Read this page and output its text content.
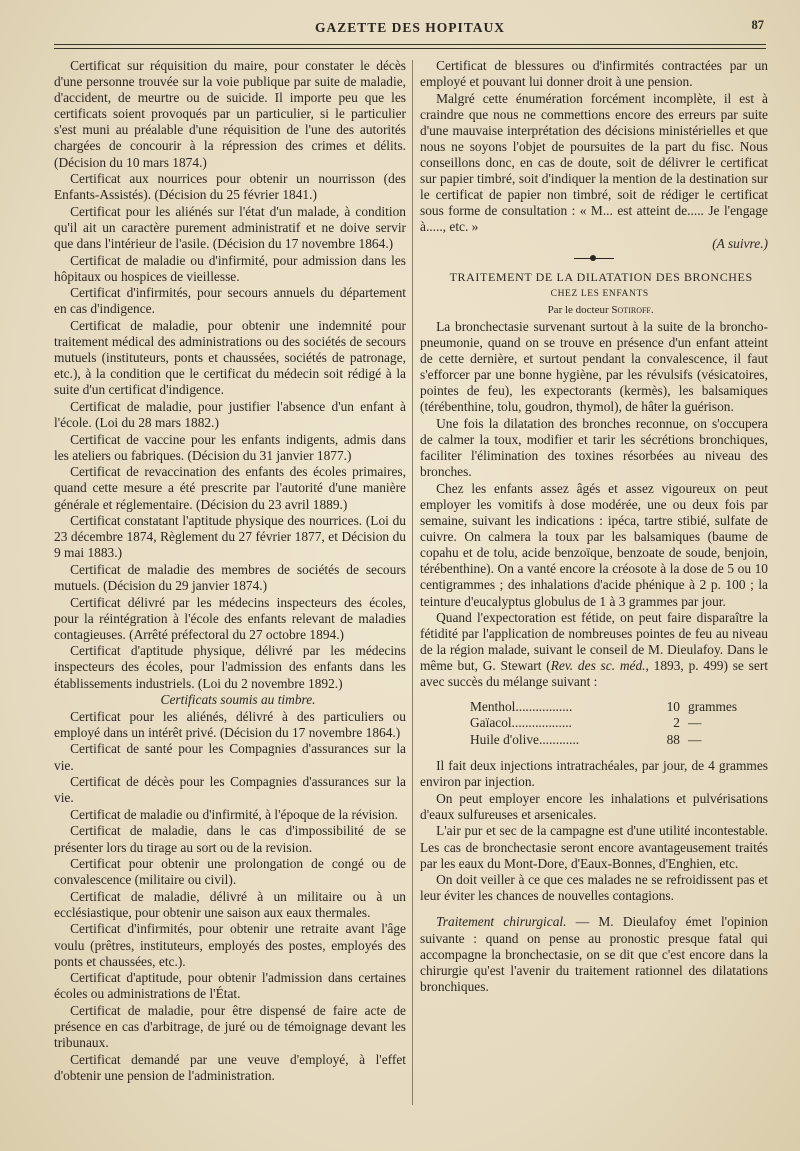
GAZETTE DES HOPITAUX	87

Certificat sur réquisition du maire, pour constater le décès d'une personne trouvée sur la voie publique par suite de maladie, d'accident, de meurtre ou de suicide. Il importe peu que les certificats soient provoqués par un particulier, si le particulier s'est muni au préalable d'une réquisition de l'une des autorités chargées de concourir à la répression des crimes et délits. (Décision du 10 mars 1874.)

Certificat aux nourrices pour obtenir un nourrisson (des Enfants-Assistés). (Décision du 25 février 1841.)

Certificat pour les aliénés sur l'état d'un malade, à condition qu'il ait un caractère purement administratif et ne doive servir que dans l'intérieur de l'asile. (Décision du 17 novembre 1864.)

Certificat de maladie ou d'infirmité, pour admission dans les hôpitaux ou hospices de vieillesse.

Certificat d'infirmités, pour secours annuels du département en cas d'indigence.

Certificat de maladie, pour obtenir une indemnité pour traitement médical des administrations ou des sociétés de secours mutuels (instituteurs, ponts et chaussées, sociétés de patronage, etc.), à la condition que le certificat du médecin soit rédigé à la suite d'un certificat d'indigence.

Certificat de maladie, pour justifier l'absence d'un enfant à l'école. (Loi du 28 mars 1882.)

Certificat de vaccine pour les enfants indigents, admis dans les ateliers ou fabriques. (Décision du 31 janvier 1877.)

Certificat de revaccination des enfants des écoles primaires, quand cette mesure a été prescrite par l'autorité d'une manière générale et réglementaire. (Décision du 23 avril 1889.)

Certificat constatant l'aptitude physique des nourrices. (Loi du 23 décembre 1874, Règlement du 27 février 1877, et Décision du 9 mai 1883.)

Certificat de maladie des membres de sociétés de secours mutuels. (Décision du 29 janvier 1874.)

Certificat délivré par les médecins inspecteurs des écoles, pour la réintégration à l'école des enfants relevant de maladies contagieuses. (Arrêté préfectoral du 27 octobre 1894.)

Certificat d'aptitude physique, délivré par les médecins inspecteurs des écoles, pour l'admission des enfants dans les établissements industriels. (Loi du 2 novembre 1892.)

Certificats soumis au timbre.

Certificat pour les aliénés, délivré à des particuliers ou employé dans un intérêt privé. (Décision du 17 novembre 1864.)

Certificat de santé pour les Compagnies d'assurances sur la vie.

Certificat de décès pour les Compagnies d'assurances sur la vie.

Certificat de maladie ou d'infirmité, à l'époque de la révision.

Certificat de maladie, dans le cas d'impossibilité de se présenter lors du tirage au sort ou de la revision.

Certificat pour obtenir une prolongation de congé ou de convalescence (militaire ou civil).

Certificat de maladie, délivré à un militaire ou à un ecclésiastique, pour obtenir une saison aux eaux thermales.

Certificat d'infirmités, pour obtenir une retraite avant l'âge voulu (prêtres, instituteurs, employés des postes, employés des ponts et chaussées, etc.).

Certificat d'aptitude, pour obtenir l'admission dans certaines écoles ou administrations de l'État.

Certificat de maladie, pour être dispensé de faire acte de présence en cas d'arbitrage, de juré ou de témoignage devant les tribunaux.

Certificat demandé par une veuve d'employé, à l'effet d'obtenir une pension de l'administration.

Certificat de blessures ou d'infirmités contractées par un employé et pouvant lui donner droit à une pension.

Malgré cette énumération forcément incomplète, il est à craindre que nous ne commettions encore des erreurs par suite d'une mauvaise interprétation des décisions ministérielles et que nous ne soyons l'objet de poursuites de la part du fisc. Nous conseillons donc, en cas de doute, soit de délivrer le certificat sur papier timbré, soit d'indiquer la mention de la destination sur le certificat de papier non timbré, soit de rédiger le certificat sous forme de consultation : « M... est atteint de..... Je l'engage à....., etc. »

(A suivre.)

TRAITEMENT DE LA DILATATION DES BRONCHES

CHEZ LES ENFANTS

Par le docteur Sotiroff.

La bronchectasie survenant surtout à la suite de la broncho-pneumonie, quand on se trouve en présence d'un enfant atteint de cette dernière, et surtout pendant la convalescence, il faut s'efforcer par une bonne hygiène, par les révulsifs (vésicatoires, pointes de feu), les expectorants (kermès), les balsamiques (térébenthine, tolu, goudron, thymol), de hâter la guérison.

Une fois la dilatation des bronches reconnue, on s'occupera de calmer la toux, modifier et tarir les sécrétions bronchiques, faciliter l'élimination des toxines résorbées au niveau des bronches.

Chez les enfants assez âgés et assez vigoureux on peut employer les vomitifs à dose modérée, une ou deux fois par semaine, suivant les indications : ipéca, tartre stibié, sulfate de cuivre. On calmera la toux par les balsamiques (baume de copahu et de tolu, acide benzoïque, benzoate de soude, benjoin, térébenthine). On a vanté encore la créosote à la dose de 5 ou 10 centigrammes ; des inhalations d'acide phénique à 2 p. 100 ; la teinture d'eucalyptus globulus de 1 à 3 grammes par jour.

Quand l'expectoration est fétide, on peut faire disparaître la fétidité par l'application de nombreuses pointes de feu au niveau de la région malade, suivant le conseil de M. Dieulafoy. Dans le même but, G. Stewart (Rev. des sc. méd., 1893, p. 499) se sert avec succès du mélange suivant :

Menthol.................	10	grammes
Gaïacol..................	2	—
Huile d'olive............	88	—

Il fait deux injections intratrachéales, par jour, de 4 grammes environ par injection.

On peut employer encore les inhalations et pulvérisations d'eaux sulfureuses et arsenicales.

L'air pur et sec de la campagne est d'une utilité incontestable. Les cas de bronchectasie seront encore avantageusement traités par les eaux du Mont-Dore, d'Eaux-Bonnes, d'Enghien, etc.

On doit veiller à ce que ces malades ne se refroidissent pas et leur éviter les chances de nouvelles contagions.

Traitement chirurgical. — M. Dieulafoy émet l'opinion suivante : quand on pense au pronostic presque fatal qui accompagne la bronchectasie, on se dit que c'est encore dans la chirurgie qu'est l'avenir du traitement rationnel des dilatations bronchiques.
